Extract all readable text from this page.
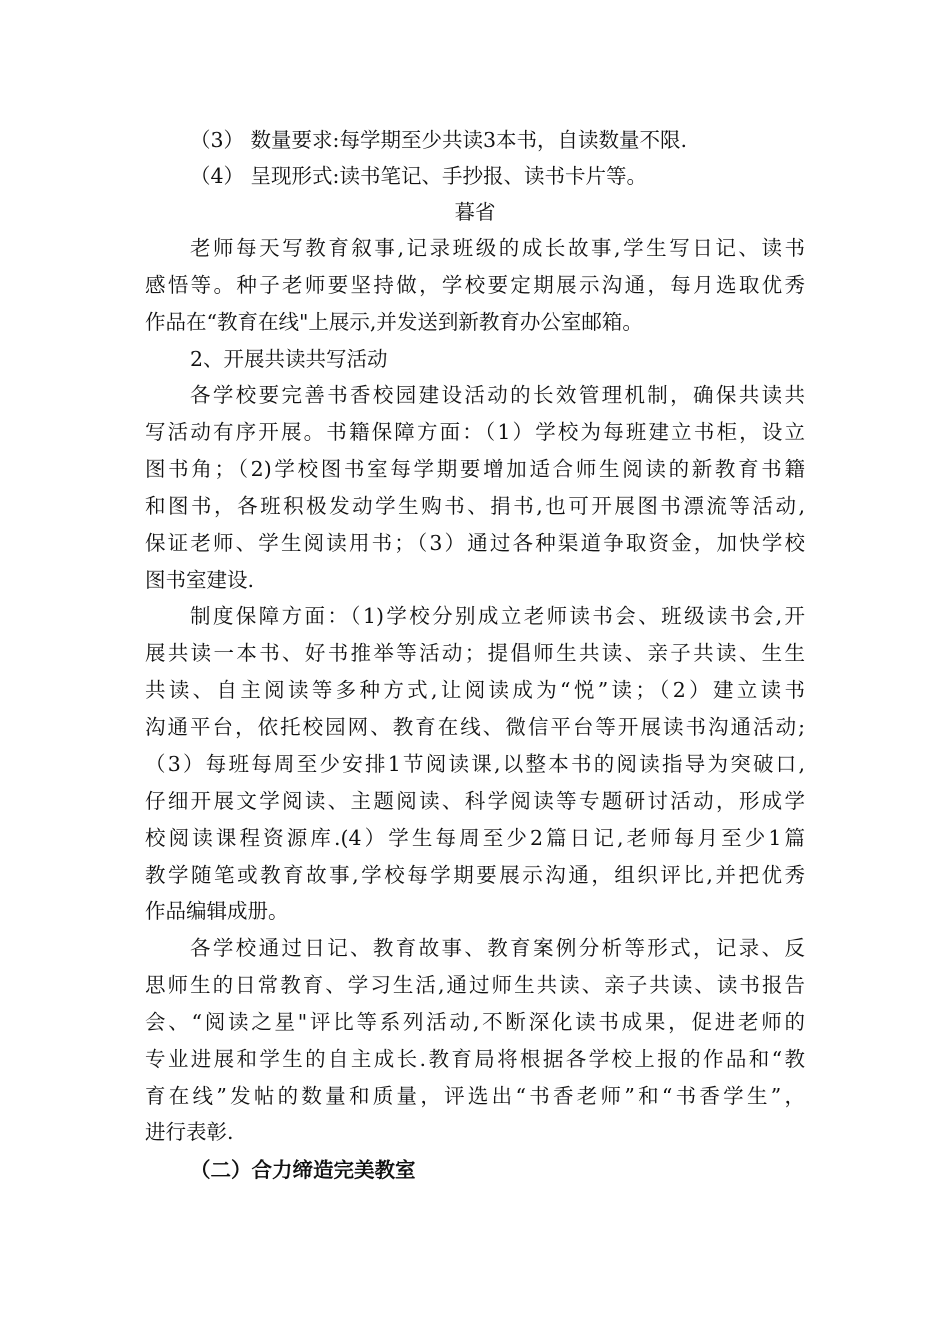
（3） 数量要求:每学期至少共读3本书，自读数量不限.
（4） 呈现形式:读书笔记、手抄报、读书卡片等。
暮省
老师每天写教育叙事,记录班级的成长故事,学生写日记、读书
感悟等。种子老师要坚持做，学校要定期展示沟通，每月选取优秀
作品在“教育在线"上展示,并发送到新教育办公室邮箱。
2、开展共读共写活动
各学校要完善书香校园建设活动的长效管理机制，确保共读共
写活动有序开展。书籍保障方面：（1）学校为每班建立书柜，设立
图书角；（2)学校图书室每学期要增加适合师生阅读的新教育书籍
和图书，各班积极发动学生购书、捐书,也可开展图书漂流等活动,
保证老师、学生阅读用书；（3）通过各种渠道争取资金，加快学校
图书室建设.
制度保障方面：（1)学校分别成立老师读书会、班级读书会,开
展共读一本书、好书推举等活动；提倡师生共读、亲子共读、生生
共读、自主阅读等多种方式,让阅读成为“悦”读；（2）建立读书
沟通平台，依托校园网、教育在线、微信平台等开展读书沟通活动;
（3）每班每周至少安排1节阅读课,以整本书的阅读指导为突破口,
仔细开展文学阅读、主题阅读、科学阅读等专题研讨活动，形成学
校阅读课程资源库.(4）学生每周至少2篇日记,老师每月至少1篇
教学随笔或教育故事,学校每学期要展示沟通，组织评比,并把优秀
作品编辑成册。
各学校通过日记、教育故事、教育案例分析等形式，记录、反
思师生的日常教育、学习生活,通过师生共读、亲子共读、读书报告
会、“阅读之星"评比等系列活动,不断深化读书成果，促进老师的
专业进展和学生的自主成长.教育局将根据各学校上报的作品和“教
育在线”发帖的数量和质量，评选出“书香老师”和“书香学生”，
进行表彰.
（二）合力缔造完美教室
